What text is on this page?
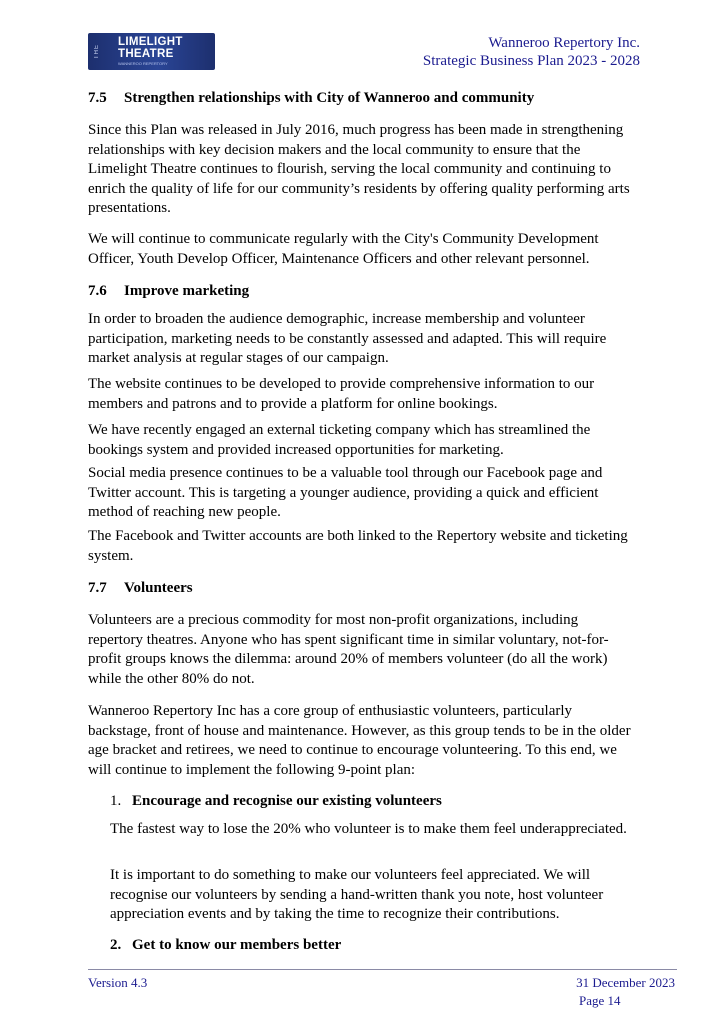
THE
LIMELIGHT
THEATRE
WANNEROO REPERTORY
Wanneroo Repertory Inc.
Strategic Business Plan 2023 - 2028
7.5 Strengthen relationships with City of Wanneroo and community

Since this Plan was released in July 2016, much progress has been made in strengthening relationships with key decision makers and the local community to ensure that the Limelight Theatre continues to flourish, serving the local community and continuing to enrich the quality of life for our community’s residents by offering quality performing arts presentations.

We will continue to communicate regularly with the City's Community Development Officer, Youth Develop Officer, Maintenance Officers and other relevant personnel.

7.6 Improve marketing

In order to broaden the audience demographic, increase membership and volunteer participation, marketing needs to be constantly assessed and adapted. This will require market analysis at regular stages of our campaign.

The website continues to be developed to provide comprehensive information to our members and patrons and to provide a platform for online bookings.

We have recently engaged an external ticketing company which has streamlined the bookings system and provided increased opportunities for marketing.

Social media presence continues to be a valuable tool through our Facebook page and Twitter account. This is targeting a younger audience, providing a quick and efficient method of reaching new people.

The Facebook and Twitter accounts are both linked to the Repertory website and ticketing system.

7.7 Volunteers

Volunteers are a precious commodity for most non-profit organizations, including repertory theatres. Anyone who has spent significant time in similar voluntary, not-for-profit groups knows the dilemma: around 20% of members volunteer (do all the work) while the other 80% do not.

Wanneroo Repertory Inc has a core group of enthusiastic volunteers, particularly backstage, front of house and maintenance. However, as this group tends to be in the older age bracket and retirees, we need to continue to encourage volunteering. To this end, we will continue to implement the following 9-point plan:

1. Encourage and recognise our existing volunteers

The fastest way to lose the 20% who volunteer is to make them feel underappreciated.

It is important to do something to make our volunteers feel appreciated. We will recognise our volunteers by sending a hand-written thank you note, host volunteer appreciation events and by taking the time to recognize their contributions.

2. Get to know our members better
Version 4.3	31 December 2023
Page 14
